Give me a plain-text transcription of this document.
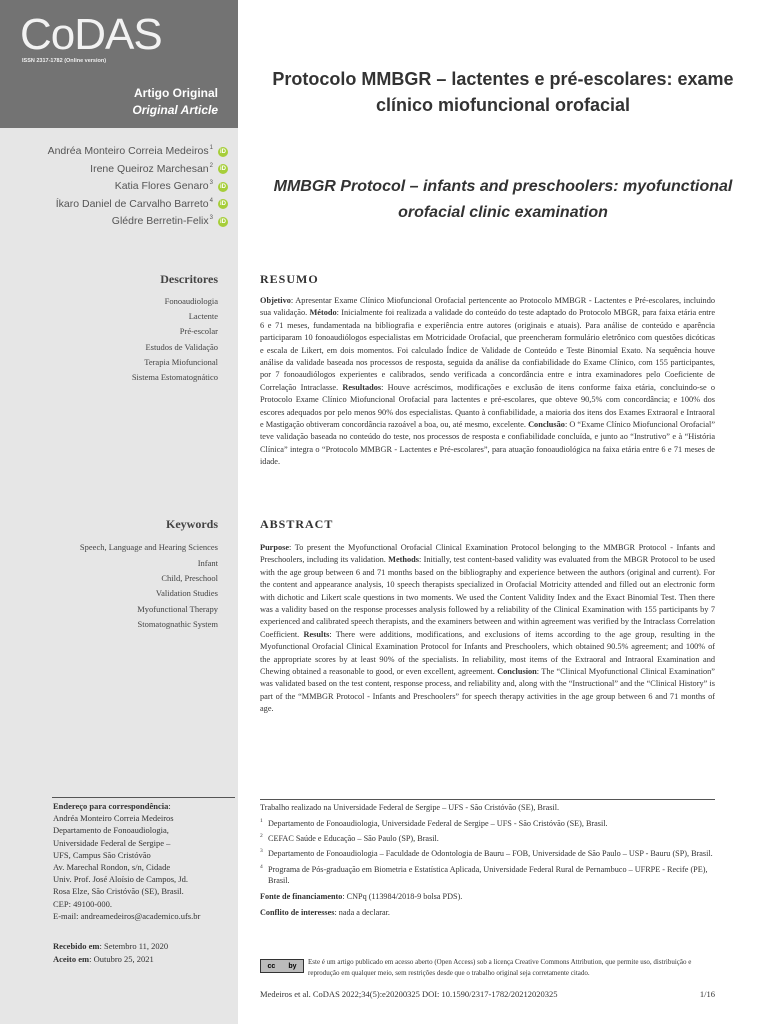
CoDAS
ISSN 2317-1782 (Online version)
Artigo Original
Original Article
Andréa Monteiro Correia Medeiros$^1$
iD
Irene Queiroz Marchesan$^2$
iD
Katia Flores Genaro$^3$
iD
Íkaro Daniel de Carvalho Barreto$^4$
iD
Glédre Berretin-Felix$^3$
iD
Descritores
Fonoaudiologia
Lactente
Pré-escolar
Estudos de Validação
Terapia Miofuncional
Sistema Estomatognático
Keywords
Speech, Language and Hearing Sciences
Infant
Child, Preschool
Validation Studies
Myofunctional Therapy
Stomatognathic System
Endereço para correspondência:
Andréa Monteiro Correia Medeiros
Departamento de Fonoaudiologia,
Universidade Federal de Sergipe –
UFS, Campus São Cristóvão
Av. Marechal Rondon, s/n, Cidade
Univ. Prof. José Aloísio de Campos, Jd.
Rosa Elze, São Cristóvão (SE), Brasil.
CEP: 49100-000.
E-mail: andreamedeiros@academico.ufs.br
Recebido em: Setembro 11, 2020
Aceito em: Outubro 25, 2021
Protocolo MMBGR – lactentes e pré-escolares: exame clínico miofuncional orofacial
MMBGR Protocol – infants and preschoolers: myofunctional orofacial clinic examination
RESUMO

Objetivo: Apresentar Exame Clínico Miofuncional Orofacial pertencente ao Protocolo MMBGR - Lactentes e Pré-escolares, incluindo sua validação. Método: Inicialmente foi realizada a validade do conteúdo do teste adaptado do Protocolo MBGR, para faixa etária entre 6 e 71 meses, fundamentada na bibliografia e experiência entre autores (originais e atuais). Para análise de conteúdo e aparência participaram 10 fonoaudiólogos especialistas em Motricidade Orofacial, que preencheram formulário eletrônico com questões dicóticas e escala de Likert, em dois momentos. Foi calculado Índice de Validade de Conteúdo e Teste Binomial Exato. Na sequência houve análise da validade baseada nos processos de resposta, seguida da análise da confiabilidade do Exame Clínico, com 155 participantes, por 7 fonoaudiólogos experientes e calibrados, sendo verificada a concordância entre e intra examinadores pelo Coeficiente de Correlação Intraclasse. Resultados: Houve acréscimos, modificações e exclusão de itens conforme faixa etária, concluindo-se o Protocolo Exame Clínico Miofuncional Orofacial para lactentes e pré-escolares, que obteve 90,5% com concordância; e 100% dos escores adequados por pelo menos 90% dos especialistas. Quanto à confiabilidade, a maioria dos itens dos Exames Extraoral e Intraoral e Mastigação obtiveram concordância razoável a boa, ou, até mesmo, excelente. Conclusão: O “Exame Clínico Miofuncional Orofacial” teve validação baseada no conteúdo do teste, nos processos de resposta e confiabilidade concluída, e junto ao “Instrutivo” e à “História Clínica” integra o “Protocolo MMBGR - Lactentes e Pré-escolares”, para atuação fonoaudiológica na faixa etária entre 6 e 71 meses de idade.

ABSTRACT

Purpose: To present the Myofunctional Orofacial Clinical Examination Protocol belonging to the MMBGR Protocol - Infants and Preschoolers, including its validation. Methods: Initially, test content-based validity was evaluated from the MBGR Protocol to be used with the age group between 6 and 71 months based on the bibliography and experience between the authors (original and current). For the content and appearance analysis, 10 speech therapists specialized in Orofacial Motricity attended and filled out an electronic form with dichotic and Likert scale questions in two moments. We used the Content Validity Index and the Exact Binomial Test. Then there was a validity based on the response processes analysis followed by a reliability of the Clinical Examination with 155 participants by 7 experienced and calibrated speech therapists, and the examiners between and within agreement was verified by the Intraclass Correlation Coefficient. Results: There were additions, modifications, and exclusions of items according to the age group, resulting in the Myofunctional Orofacial Clinical Examination Protocol for Infants and Preschoolers, which obtained 90.5% agreement; and 100% of the appropriate scores by at least 90% of the specialists. In reliability, most items of the Extraoral and Intraoral Examination and Chewing obtained a reasonable to good, or even excellent, agreement. Conclusion: The “Clinical Myofunctional Clinical Examination” was validated based on the test content, response process, and reliability and, along with the “Instructional” and the “Clinical History” is part of the “MMBGR Protocol - Infants and Preschoolers” for speech therapy activities in the age group between 6 and 71 months of age.

Trabalho realizado na Universidade Federal de Sergipe – UFS - São Cristóvão (SE), Brasil.
1 Departamento de Fonoaudiologia, Universidade Federal de Sergipe – UFS - São Cristóvão (SE), Brasil.
2 CEFAC Saúde e Educação – São Paulo (SP), Brasil.
3 Departamento de Fonoaudiologia – Faculdade de Odontologia de Bauru – FOB, Universidade de São Paulo – USP - Bauru (SP), Brasil.
4 Programa de Pós-graduação em Biometria e Estatística Aplicada, Universidade Federal Rural de Pernambuco – UFRPE - Recife (PE), Brasil.
Fonte de financiamento: CNPq (113984/2018-9 bolsa PDS).
Conflito de interesses: nada a declarar.
cc by Este é um artigo publicado em acesso aberto (Open Access) sob a licença Creative Commons Attribution, que permite uso, distribuição e reprodução em qualquer meio, sem restrições desde que o trabalho original seja corretamente citado.
Medeiros et al. CoDAS 2022;34(5):e20200325 DOI: 10.1590/2317-1782/20212020325	1/16
